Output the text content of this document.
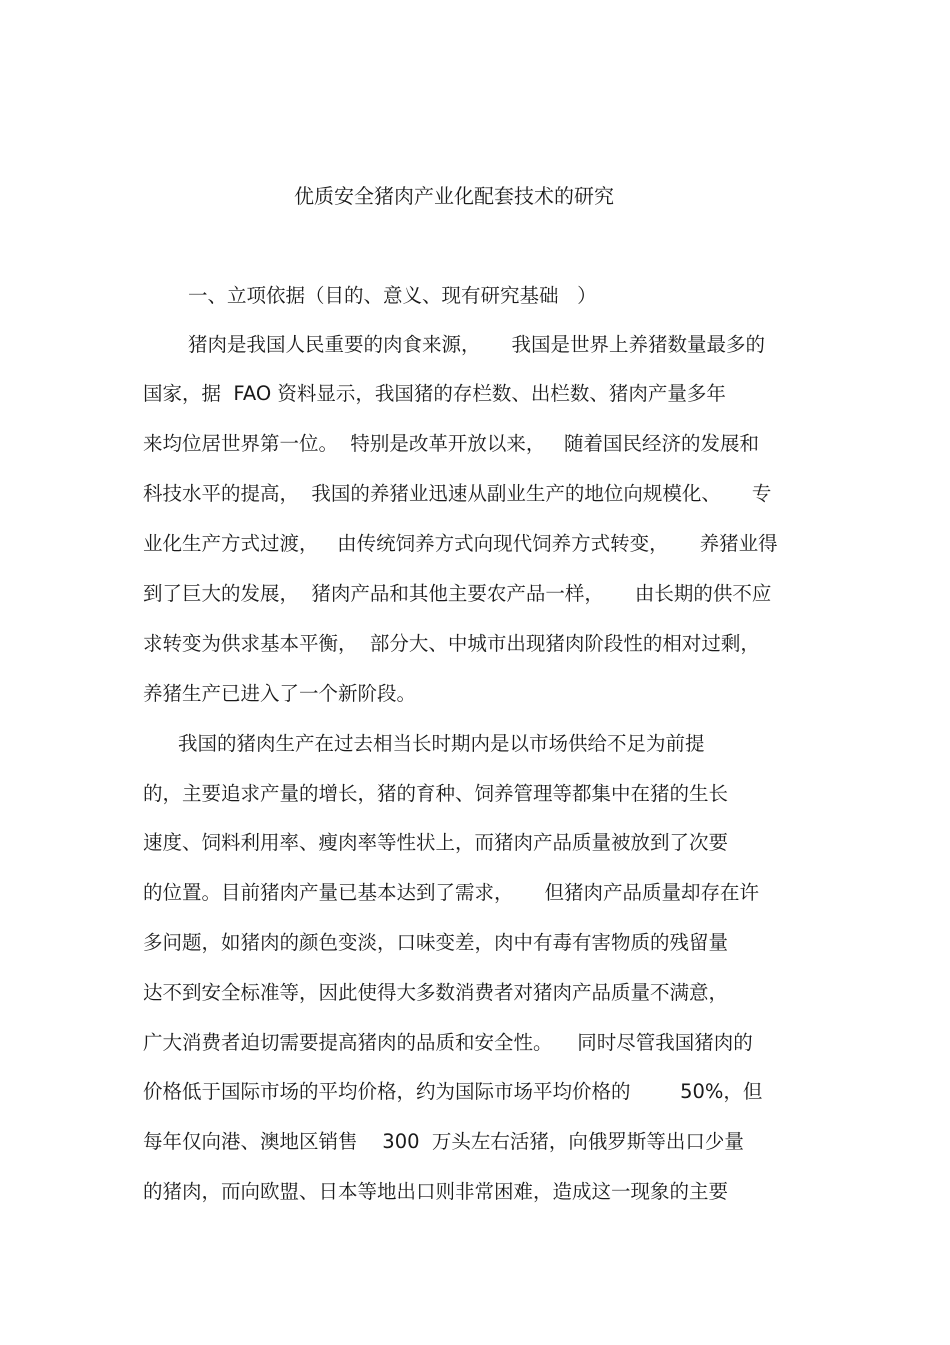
优质安全猪肉产业化配套技术的研究
一、立项依据（目的、意义、现有研究基础   ）
猪肉是我国人民重要的肉食来源，     我国是世界上养猪数量最多的
国家，据  FAO 资料显示，我国猪的存栏数、出栏数、猪肉产量多年
来均位居世界第一位。  特别是改革开放以来，   随着国民经济的发展和
科技水平的提高，  我国的养猪业迅速从副业生产的地位向规模化、     专
业化生产方式过渡，   由传统饲养方式向现代饲养方式转变，     养猪业得
到了巨大的发展，  猪肉产品和其他主要农产品一样，     由长期的供不应
求转变为供求基本平衡，  部分大、中城市出现猪肉阶段性的相对过剩，
养猪生产已进入了一个新阶段。
我国的猪肉生产在过去相当长时期内是以市场供给不足为前提
的，主要追求产量的增长，猪的育种、饲养管理等都集中在猪的生长
速度、饲料利用率、瘦肉率等性状上，而猪肉产品质量被放到了次要
的位置。目前猪肉产量已基本达到了需求，     但猪肉产品质量却存在许
多问题，如猪肉的颜色变淡，口味变差，肉中有毒有害物质的残留量
达不到安全标准等，因此使得大多数消费者对猪肉产品质量不满意，
广大消费者迫切需要提高猪肉的品质和安全性。    同时尽管我国猪肉的
价格低于国际市场的平均价格，约为国际市场平均价格的        50%，但
每年仅向港、澳地区销售    300  万头左右活猪，向俄罗斯等出口少量
的猪肉，而向欧盟、日本等地出口则非常困难，造成这一现象的主要
